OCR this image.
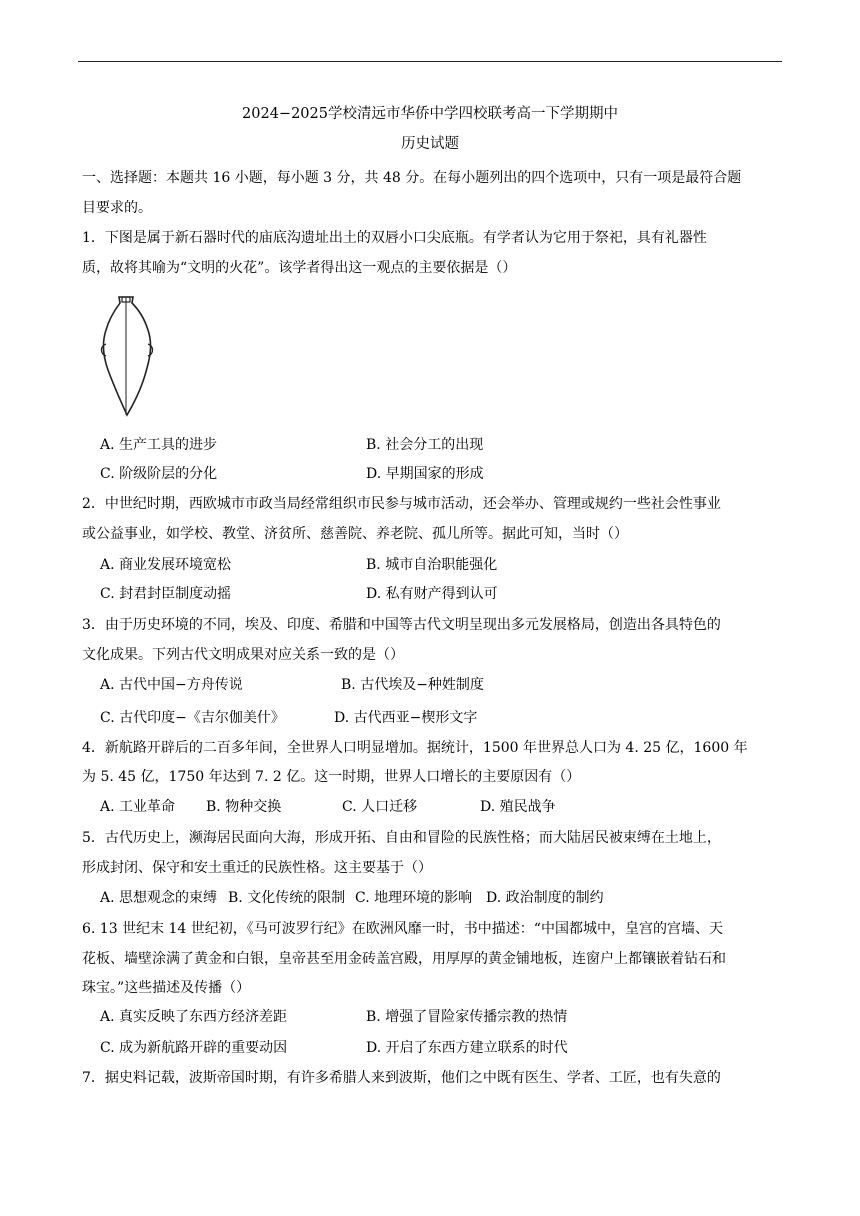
2024−2025学校清远市华侨中学四校联考高一下学期期中
历史试题
一、选择题：本题共 16 小题，每小题 3 分，共 48 分。在每小题列出的四个选项中，只有一项是最符合题
目要求的。
1．下图是属于新石器时代的庙底沟遗址出土的双唇小口尖底瓶。有学者认为它用于祭祀，具有礼器性
质，故将其喻为“文明的火花”。该学者得出这一观点的主要依据是（）
A. 生产工具的进步	B. 社会分工的出现
C. 阶级阶层的分化	D. 早期国家的形成
2．中世纪时期，西欧城市市政当局经常组织市民参与城市活动，还会举办、管理或规约一些社会性事业
或公益事业，如学校、教堂、济贫所、慈善院、养老院、孤儿所等。据此可知，当时（）
A. 商业发展环境宽松	B. 城市自治职能强化
C. 封君封臣制度动摇	D. 私有财产得到认可
3．由于历史环境的不同，埃及、印度、希腊和中国等古代文明呈现出多元发展格局，创造出各具特色的
文化成果。下列古代文明成果对应关系一致的是（）
A. 古代中国−方舟传说	B. 古代埃及−种姓制度
C. 古代印度−《吉尔伽美什》	D. 古代西亚−楔形文字
4．新航路开辟后的二百多年间，全世界人口明显增加。据统计，1500 年世界总人口为 4. 25 亿，1600 年
为 5. 45 亿，1750 年达到 7. 2 亿。这一时期，世界人口增长的主要原因有（）
A. 工业革命 B. 物种交换	C. 人口迁移	D. 殖民战争
5．古代历史上，濒海居民面向大海，形成开拓、自由和冒险的民族性格；而大陆居民被束缚在土地上，
形成封闭、保守和安土重迁的民族性格。这主要基于（）
A. 思想观念的束缚 B. 文化传统的限制 C. 地理环境的影响 D. 政治制度的制约
6. 13 世纪末 14 世纪初，《马可波罗行纪》在欧洲风靡一时，书中描述：“中国都城中，皇宫的宫墙、天
花板、墙壁涂满了黄金和白银，皇帝甚至用金砖盖宫殿，用厚厚的黄金铺地板，连窗户上都镶嵌着钻石和
珠宝。”这些描述及传播（）
A. 真实反映了东西方经济差距	B. 增强了冒险家传播宗教的热情
C. 成为新航路开辟的重要动因	D. 开启了东西方建立联系的时代
7．据史料记载，波斯帝国时期，有许多希腊人来到波斯，他们之中既有医生、学者、工匠，也有失意的
